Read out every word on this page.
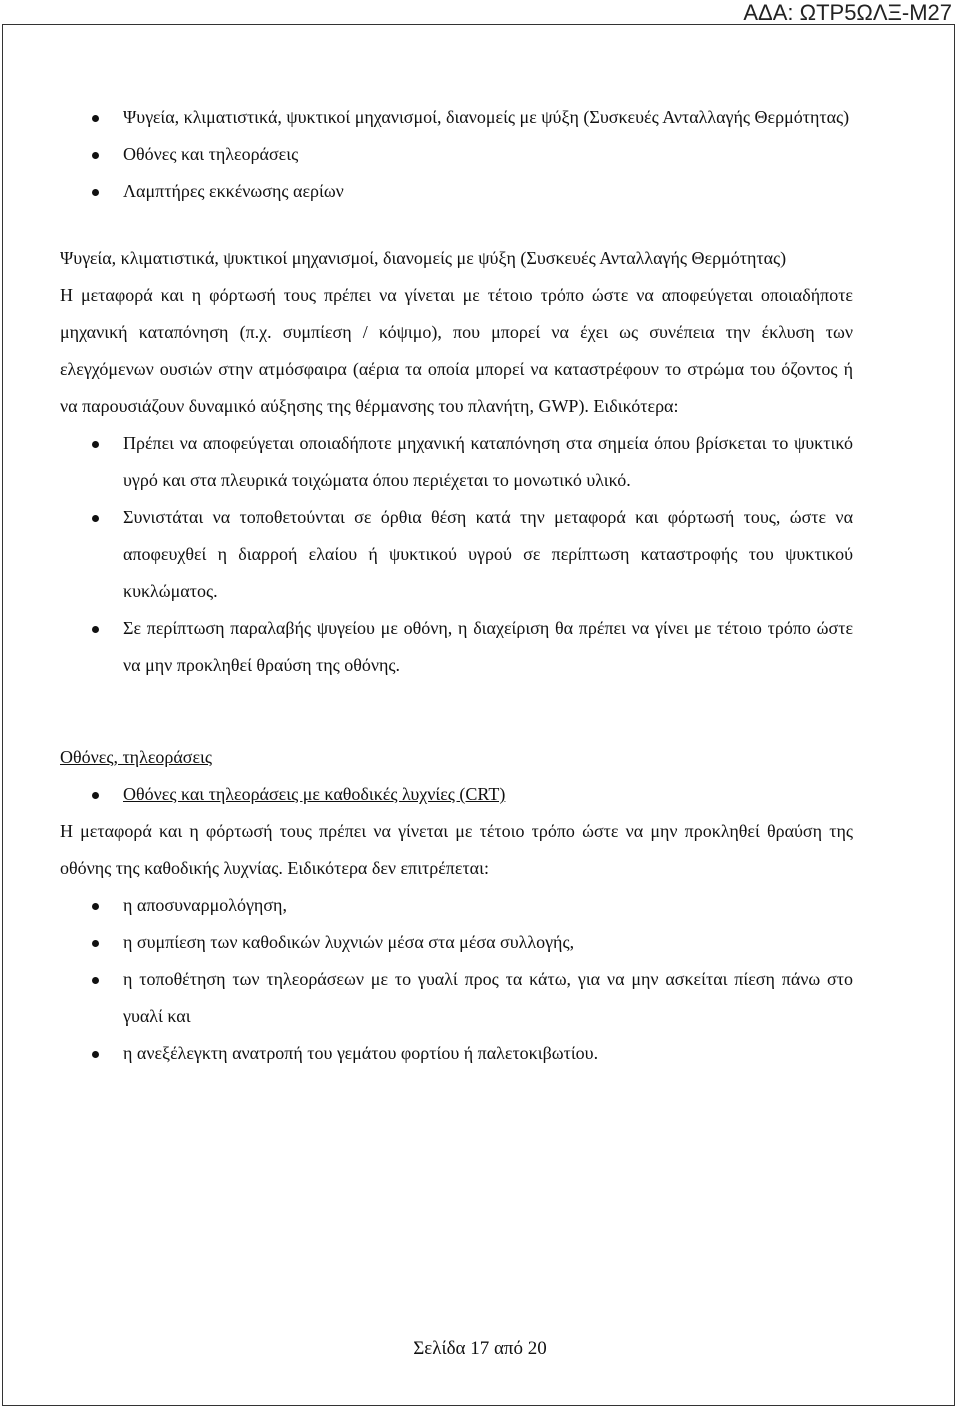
ΑΔΑ: ΩΤΡ5ΩΛΞ-Μ27
Ψυγεία, κλιματιστικά, ψυκτικοί μηχανισμοί, διανομείς με ψύξη (Συσκευές Ανταλλαγής Θερμότητας)
Οθόνες και τηλεοράσεις
Λαμπτήρες εκκένωσης αερίων

Ψυγεία, κλιματιστικά, ψυκτικοί μηχανισμοί, διανομείς με ψύξη (Συσκευές Ανταλλαγής Θερμότητας)

Η μεταφορά και η φόρτωσή τους πρέπει να γίνεται με τέτοιο τρόπο ώστε να αποφεύγεται οποιαδήποτε μηχανική καταπόνηση (π.χ. συμπίεση / κόψιμο), που μπορεί να έχει ως συνέπεια την έκλυση των ελεγχόμενων ουσιών στην ατμόσφαιρα (αέρια τα οποία μπορεί να καταστρέφουν το στρώμα του όζοντος ή να παρουσιάζουν δυναμικό αύξησης της θέρμανσης του πλανήτη, GWP). Ειδικότερα:

Πρέπει να αποφεύγεται οποιαδήποτε μηχανική καταπόνηση στα σημεία όπου βρίσκεται το ψυκτικό υγρό και στα πλευρικά τοιχώματα όπου περιέχεται το μονωτικό υλικό.
Συνιστάται να τοποθετούνται σε όρθια θέση κατά την μεταφορά και φόρτωσή τους, ώστε να αποφευχθεί η διαρροή ελαίου ή ψυκτικού υγρού σε περίπτωση καταστροφής του ψυκτικού κυκλώματος.
Σε περίπτωση παραλαβής ψυγείου με οθόνη, η διαχείριση θα πρέπει να γίνει με τέτοιο τρόπο ώστε να μην προκληθεί θραύση της οθόνης.

Οθόνες, τηλεοράσεις

Οθόνες και τηλεοράσεις με καθοδικές λυχνίες (CRT)

Η μεταφορά και η φόρτωσή τους πρέπει να γίνεται με τέτοιο τρόπο ώστε να μην προκληθεί θραύση της οθόνης της καθοδικής λυχνίας. Ειδικότερα δεν επιτρέπεται:

η αποσυναρμολόγηση,
η συμπίεση των καθοδικών λυχνιών μέσα στα μέσα συλλογής,
η τοποθέτηση των τηλεοράσεων με το γυαλί προς τα κάτω, για να μην ασκείται πίεση πάνω στο γυαλί και
η ανεξέλεγκτη ανατροπή του γεμάτου φορτίου ή παλετοκιβωτίου.
Σελίδα 17 από 20
